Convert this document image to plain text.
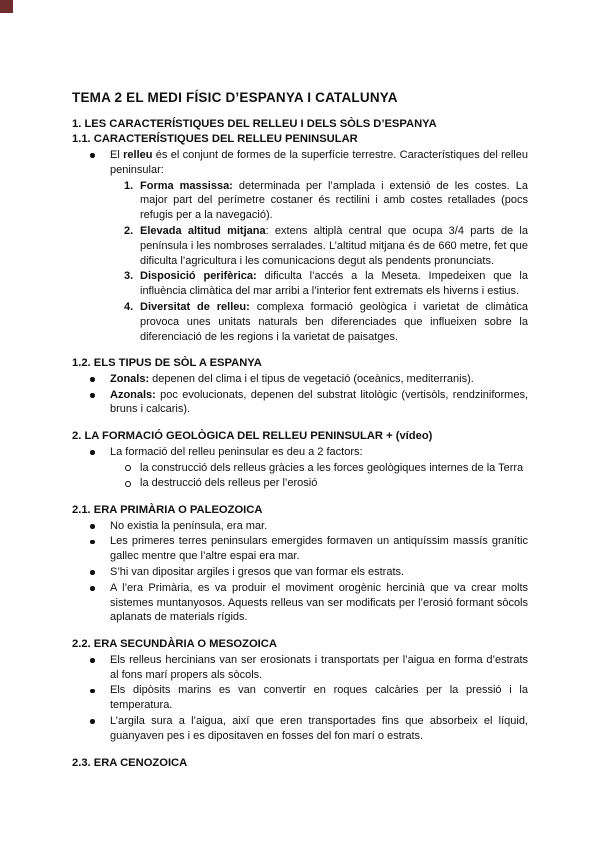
TEMA 2 EL MEDI FÍSIC D’ESPANYA I CATALUNYA
1. LES CARACTERÍSTIQUES DEL RELLEU I DELS SÒLS D’ESPANYA
1.1. CARACTERÍSTIQUES DEL RELLEU PENINSULAR
El relleu és el conjunt de formes de la superfície terrestre. Característiques del relleu peninsular:
1. Forma massissa: determinada per l’amplada i extensió de les costes. La major part del perímetre costaner és rectilini i amb costes retallades (pocs refugis per a la navegació).
2. Elevada altitud mitjana: extens altiplà central que ocupa 3/4 parts de la península i les nombroses serralades. L’altitud mitjana és de 660 metre, fet que dificulta l’agricultura i les comunicacions degut als pendents pronunciats.
3. Disposició perifèrica: dificulta l’accés a la Meseta. Impedeixen que la influència climàtica del mar arribi a l’interior fent extremats els hiverns i estius.
4. Diversitat de relleu: complexa formació geològica i varietat de climàtica provoca unes unitats naturals ben diferenciades que influeixen sobre la diferenciació de les regions i la varietat de paisatges.
1.2. ELS TIPUS DE SÒL A ESPANYA
Zonals: depenen del clima i el tipus de vegetació (oceànics, mediterranis).
Azonals: poc evolucionats, depenen del substrat litològic (vertisòls, rendziniformes, bruns i calcaris).
2. LA FORMACIÓ GEOLÒGICA DEL RELLEU PENINSULAR + (vídeo)
La formació del relleu peninsular es deu a 2 factors:
la construcció dels relleus gràcies a les forces geològiques internes de la Terra
la destrucció dels relleus per l’erosió
2.1. ERA PRIMÀRIA O PALEOZOICA
No existia la península, era mar.
Les primeres terres peninsulars emergides formaven un antiquíssim massís granític gallec mentre que l’altre espai era mar.
S’hi van dipositar argiles i gresos que van formar els estrats.
A l’era Primària, es va produir el moviment orogènic hercinià que va crear molts sistemes muntanyosos. Aquests relleus van ser modificats per l’erosió formant sòcols aplanats de materials rígids.
2.2. ERA SECUNDÀRIA O MESOZOICA
Els relleus hercinians van ser erosionats i transportats per l’aigua en forma d’estrats al fons marí propers als sòcols.
Els dipòsits marins es van convertir en roques calcàries per la pressió i la temperatura.
L’argila sura a l’aigua, així que eren transportades fins que absorbeix el líquid, guanyaven pes i es dipositaven en fosses del fon marí o estrats.
2.3. ERA CENOZOICA
